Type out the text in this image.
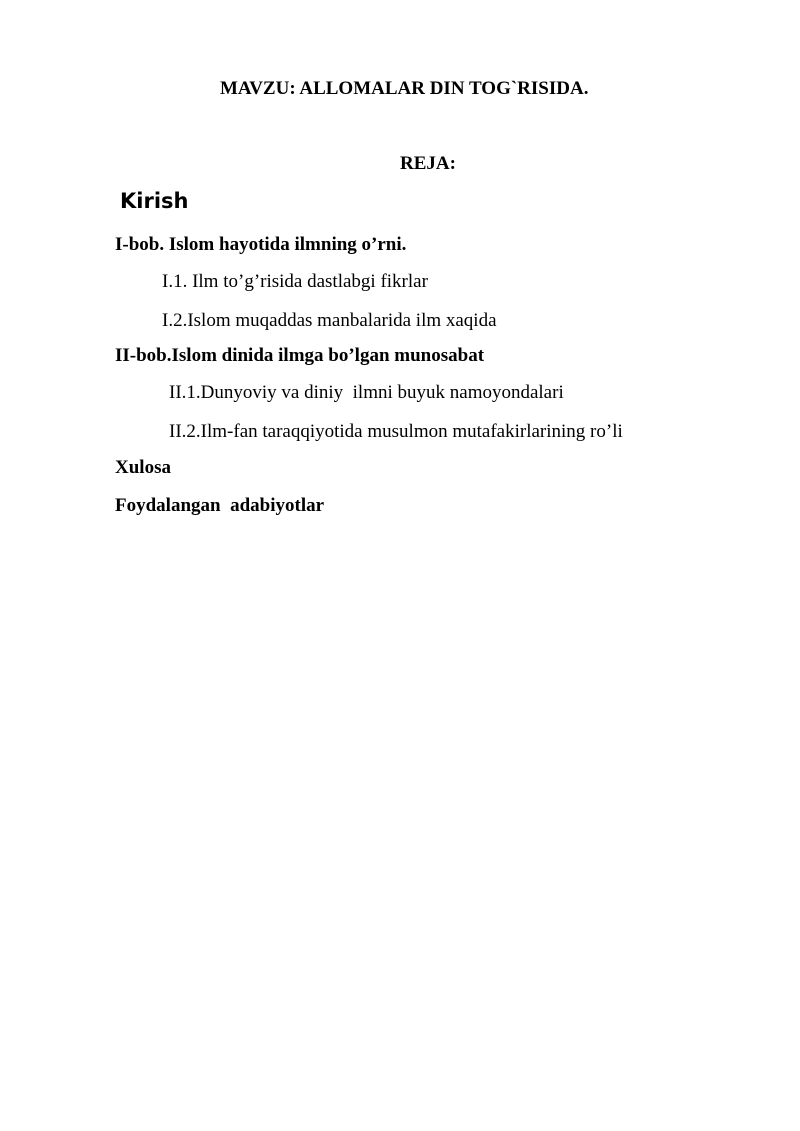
MAVZU: ALLOMALAR DIN TOG`RISIDA.

REJA:

Kirish

I-bob. Islom hayotida ilmning o’rni.

I.1. Ilm to’g’risida dastlabgi fikrlar

I.2.Islom muqaddas manbalarida ilm xaqida

II-bob.Islom dinida ilmga bo’lgan munosabat

II.1.Dunyoviy va diniy  ilmni buyuk namoyondalari

II.2.Ilm-fan taraqqiyotida musulmon mutafakirlarining ro’li

Xulosa

Foydalangan  adabiyotlar
